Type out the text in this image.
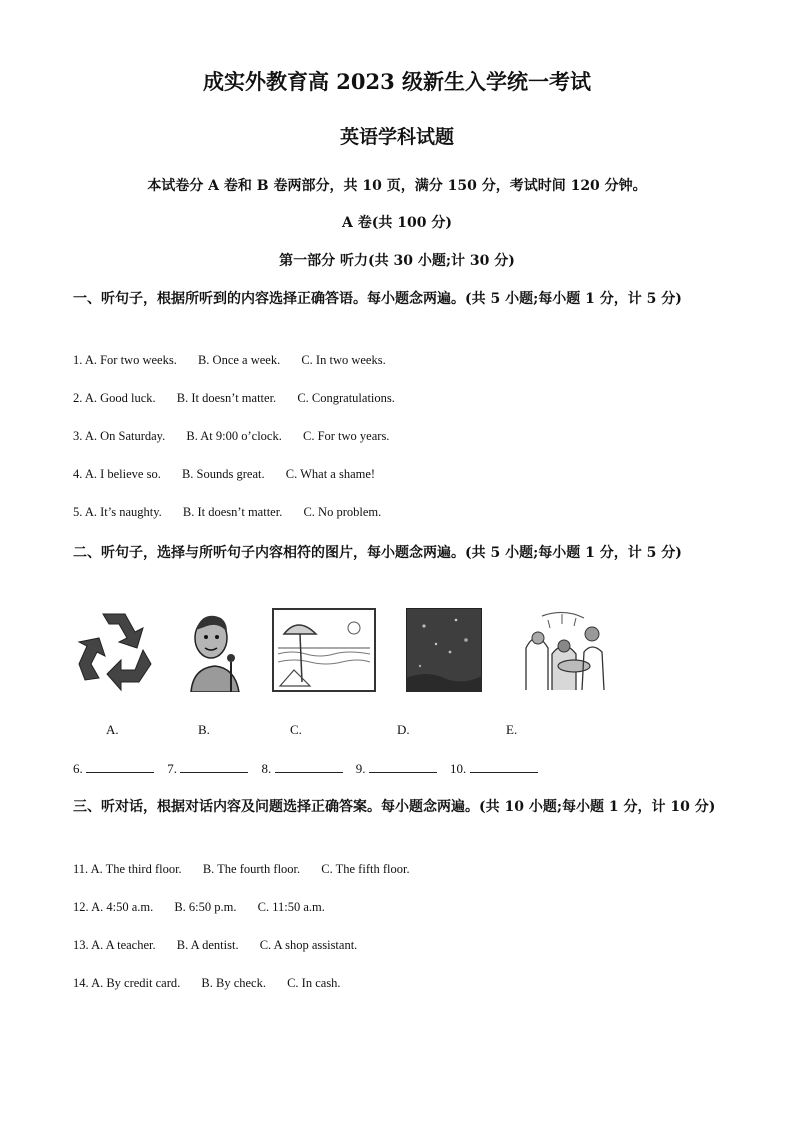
成实外教育高 2023 级新生入学统一考试
英语学科试题
本试卷分 A 卷和 B 卷两部分，共 10 页，满分 150 分，考试时间 120 分钟。
A 卷(共 100 分)
第一部分 听力(共 30 小题;计 30 分)
一、听句子，根据所听到的内容选择正确答语。每小题念两遍。(共 5 小题;每小题 1 分，计 5 分)
1. A. For two weeks. B. Once a week. C. In two weeks.
2. A. Good luck. B. It doesn’t matter. C. Congratulations.
3. A. On Saturday. B. At 9:00 o’clock. C. For two years.
4. A. I believe so. B. Sounds great. C. What a shame!
5. A. It’s naughty. B. It doesn’t matter. C. No problem.
二、听句子，选择与所听句子内容相符的图片，每小题念两遍。(共 5 小题;每小题 1 分，计 5 分)
A.	B.	C.	D.	E.
6.	7.	8.	9.	10.
三、听对话，根据对话内容及问题选择正确答案。每小题念两遍。(共 10 小题;每小题 1 分，计 10 分)
11. A. The third floor. B. The fourth floor. C. The fifth floor.
12. A. 4:50 a.m. B. 6:50 p.m. C. 11:50 a.m.
13. A. A teacher. B. A dentist. C. A shop assistant.
14. A. By credit card. B. By check. C. In cash.
